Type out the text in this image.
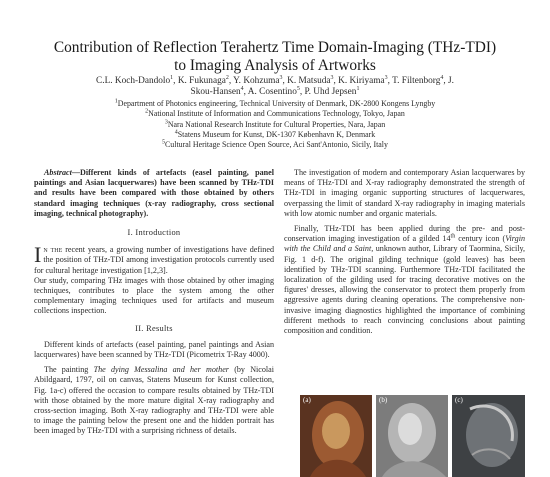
Contribution of Reflection Terahertz Time Domain-Imaging (THz-TDI)
to Imaging Analysis of Artworks
C.L. Koch-Dandolo$^1$, K. Fukunaga$^2$, Y. Kohzuma$^3$, K. Matsuda$^3$, K. Kiriyama$^3$, T. Filtenborg$^4$, J.
Skou-Hansen$^4$, A. Cosentino$^5$, P. Uhd Jepsen$^1$
$^1$Department of Photonics engineering, Technical University of Denmark, DK-2800 Kongens Lyngby
$^2$National Institute of Information and Communications Technology, Tokyo, Japan
$^3$Nara National Research Institute for Cultural Properties, Nara, Japan
$^4$Statens Museum for Kunst, DK-1307 København K, Denmark
$^5$Cultural Heritage Science Open Source, Aci Sant'Antonio, Sicily, Italy

Abstract—Different kinds of artefacts (easel painting, panel paintings and Asian lacquerwares) have been scanned by THz-TDI and results have been compared with those obtained by others standard imaging techniques (x-ray radiography, cross sectional imaging, technical photography).

I. Introduction

In the recent years, a growing number of investigations have defined the position of THz-TDI among investigation protocols currently used for cultural heritage investigation [1,2,3].

Our study, comparing THz images with those obtained by other imaging techniques, contributes to place the system among the other complementary imaging techniques used for artifacts and museum collections inspection.

II. Results

Different kinds of artefacts (easel painting, panel paintings and Asian lacquerwares) have been scanned by THz-TDI (Picometrix T-Ray 4000).

The painting The dying Messalina and her mother (by Nicolai Abildgaard, 1797, oil on canvas, Statens Museum for Kunst collection, Fig. 1a-c) offered the occasion to compare results obtained by THz-TDI with those obtained by the more mature digital X-ray radiography and cross-section imaging. Both X-ray radiography and THz-TDI were able to image the painting below the present one and the hidden portrait has been imaged by THz-TDI with a surprising richness of details.

The investigation of modern and contemporary Asian lacquerwares by means of THz-TDI and X-ray radiography demonstrated the strength of THz-TDI in imaging organic supporting structures of lacquerwares, overpassing the limit of standard X-ray radiography in imaging materials with low atomic number and organic materials.

Finally, THz-TDI has been applied during the pre- and post-conservation imaging investigation of a gilded 14th century icon (Virgin with the Child and a Saint, unknown author, Library of Taormina, Sicily, Fig. 1 d-f). The original gilding technique (gold leaves) has been identified by THz-TDI scanning. Furthermore THz-TDI facilitated the localization of the gilding used for tracing decorative motives on the figures' dresses, allowing the conservator to protect them properly from aggressive agents during cleaning operations. The comprehensive non-invasive imaging diagnostics highlighted the importance of combining different methods to reach convincing conclusions about painting composition and condition.

(a)	(b)	(c)
